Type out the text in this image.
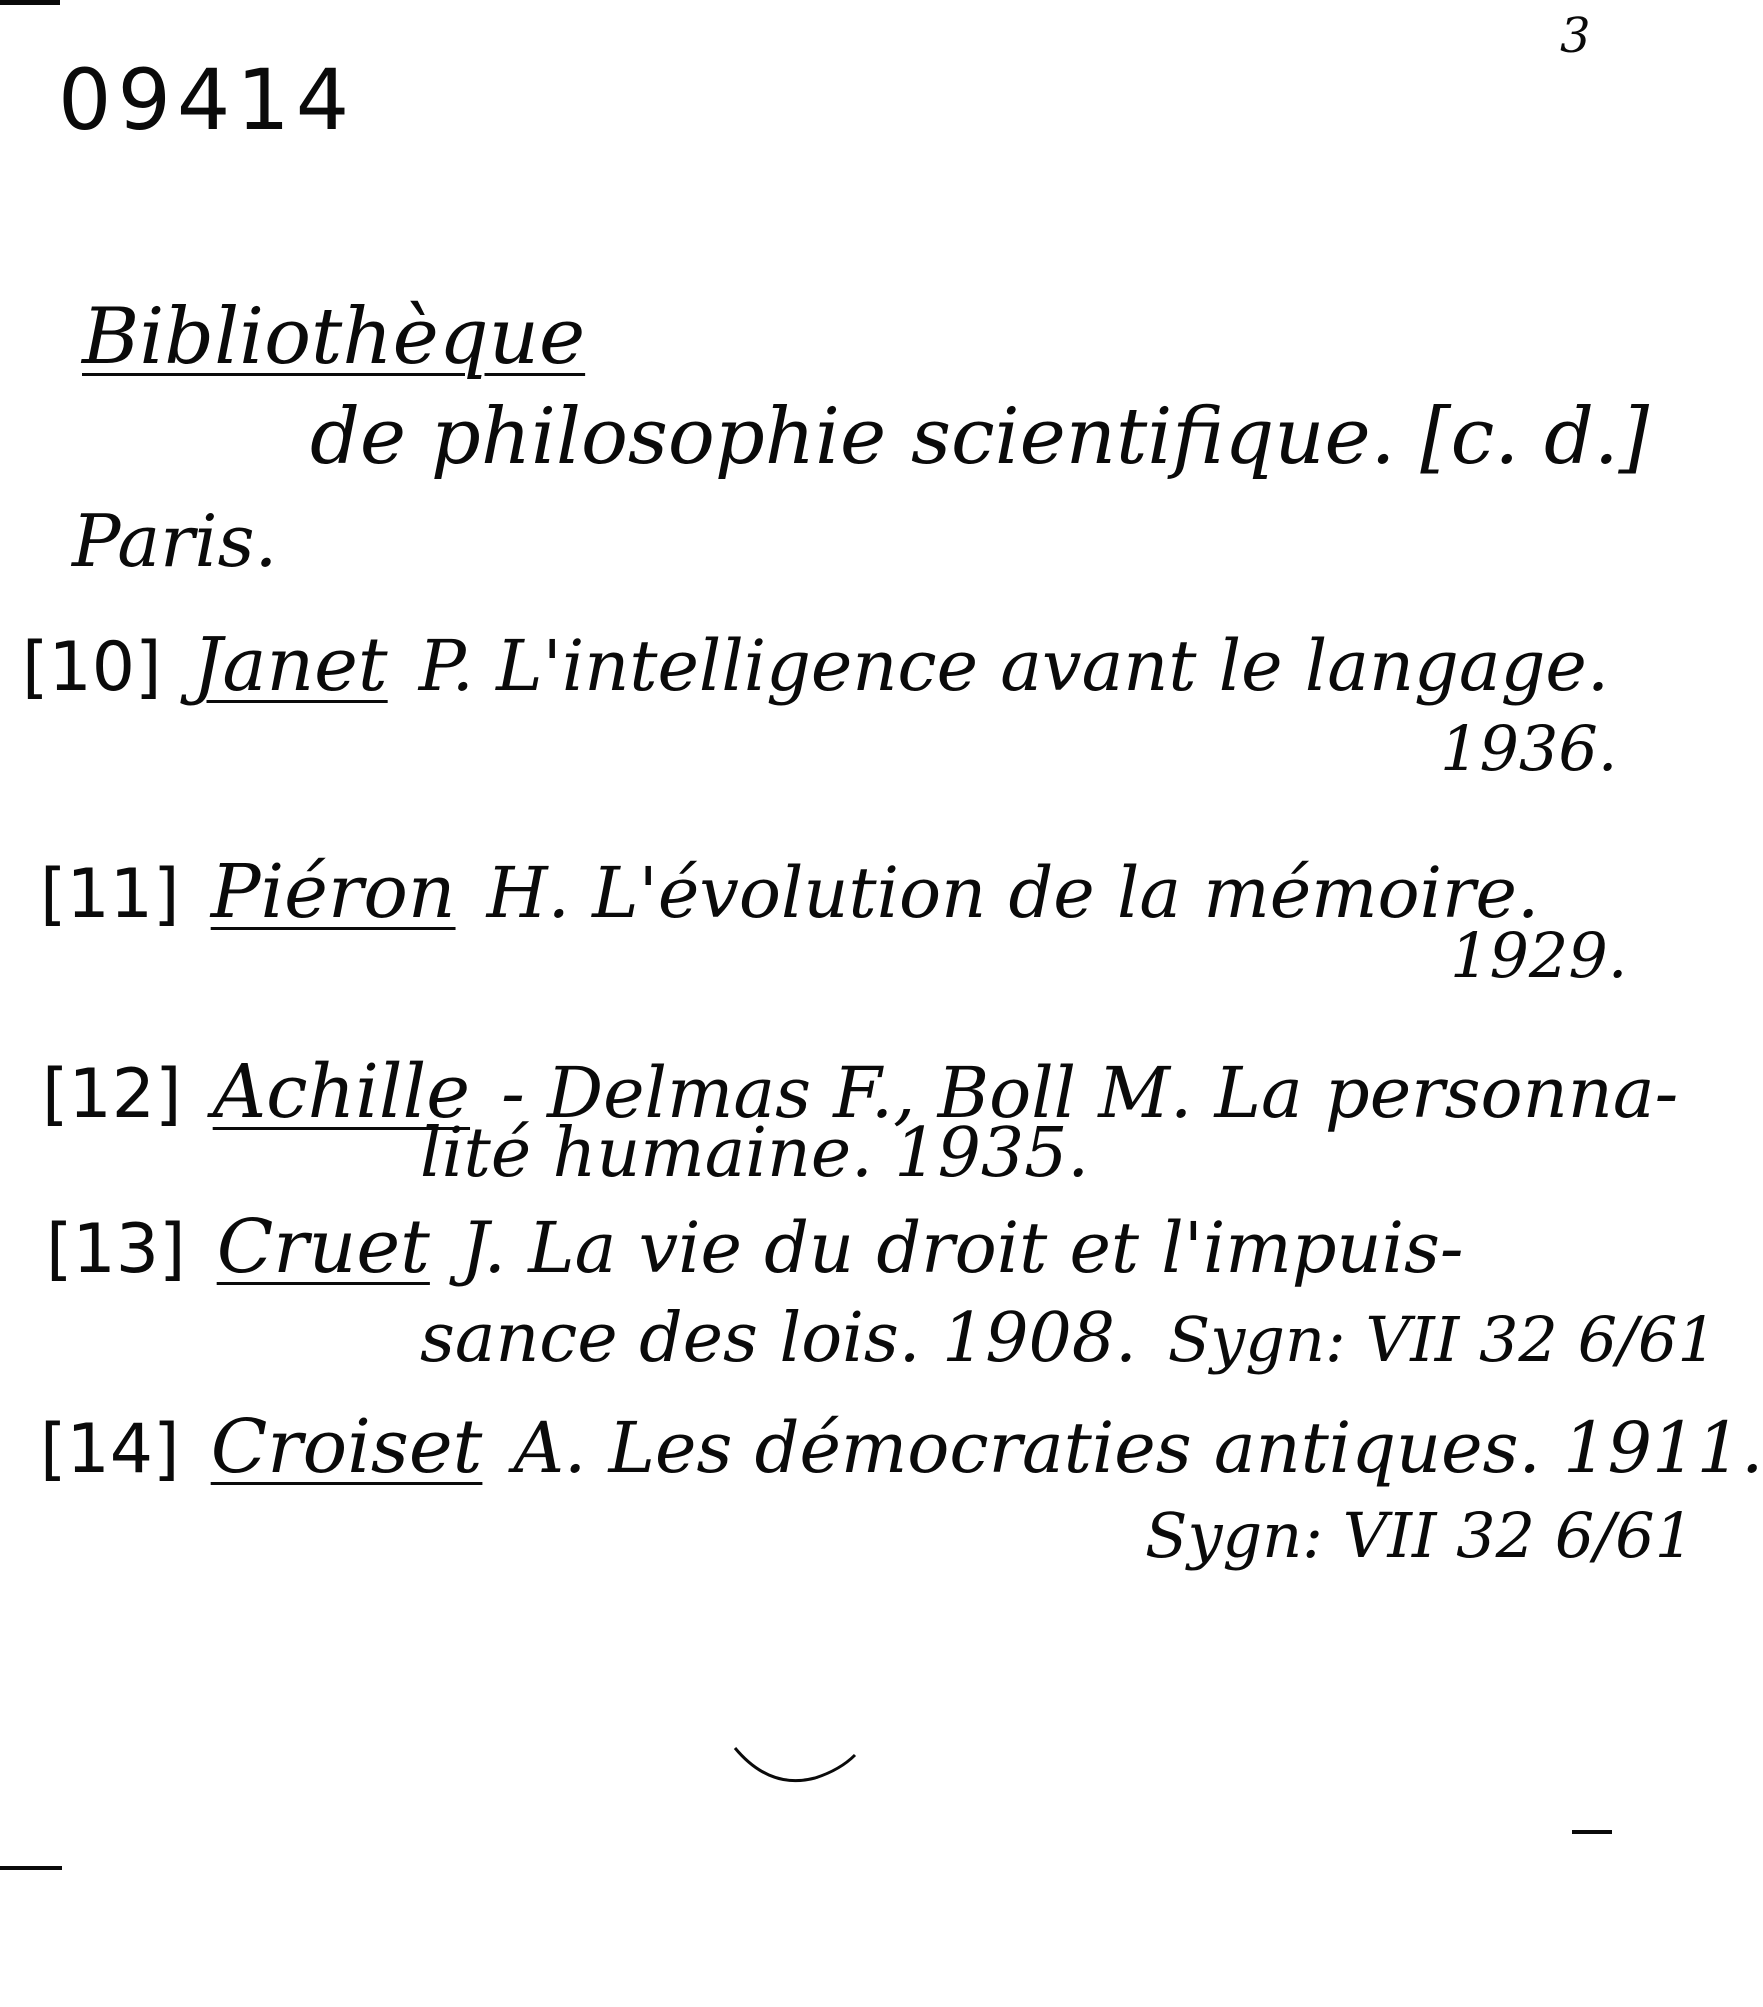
09414
3
Bibliothèque
de philosophie scientifique. [c. d.]
Paris.
[10] Janet P. L'intelligence avant le langage.
1936.
[11] Piéron H. L'évolution de la mémoire.
1929.
[12] Achille - Delmas F., Boll M. La personna-
lité humaine. 1935.
[13] Cruet J. La vie du droit et l'impuis-
sance des lois. 1908. Sygn: VII 32 6/61
[14] Croiset A. Les démocraties antiques. 1911.
Sygn: VII 32 6/61
